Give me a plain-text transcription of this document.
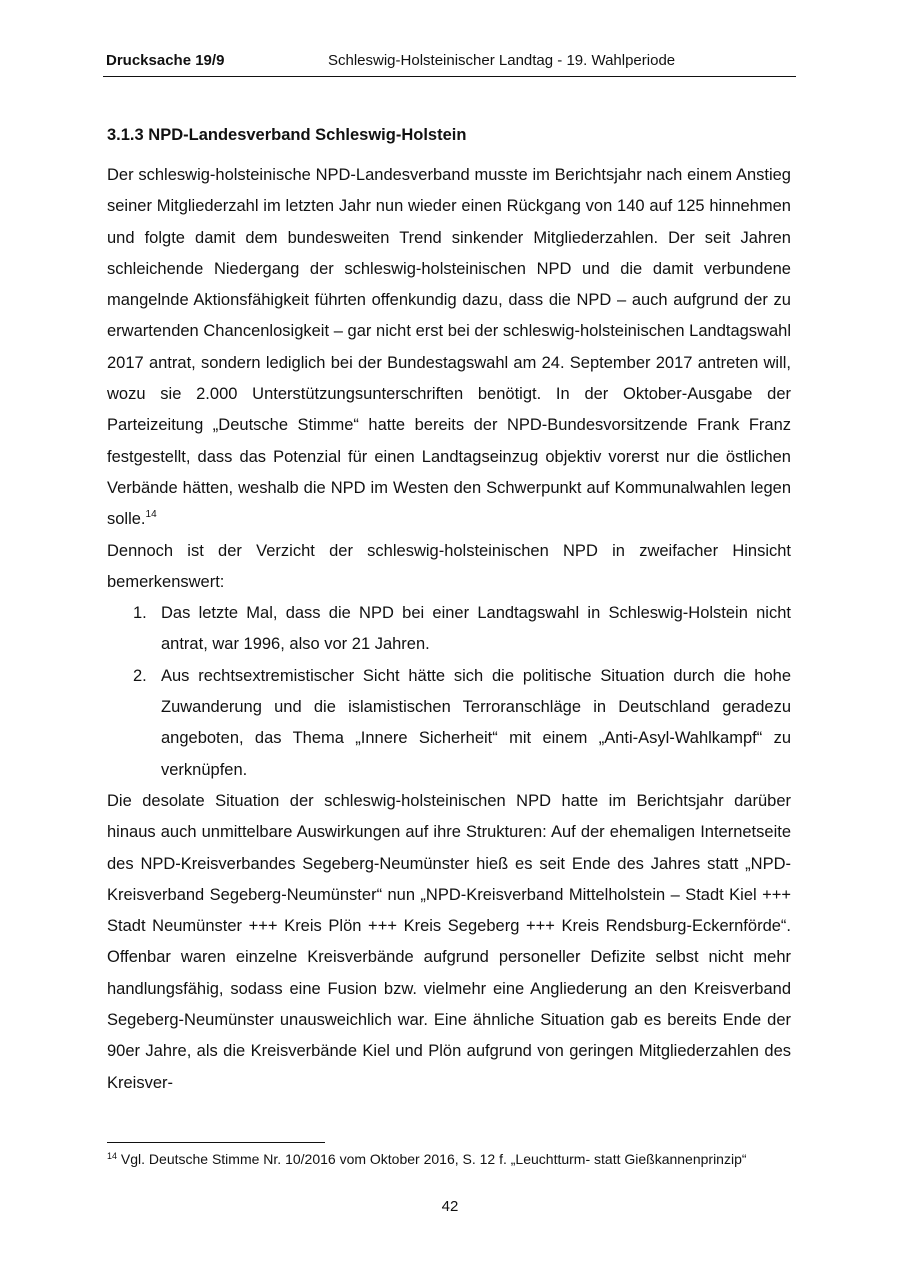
Drucksache 19/9	Schleswig-Holsteinischer Landtag - 19. Wahlperiode
3.1.3 NPD-Landesverband Schleswig-Holstein

Der schleswig-holsteinische NPD-Landesverband musste im Berichtsjahr nach einem Anstieg seiner Mitgliederzahl im letzten Jahr nun wieder einen Rückgang von 140 auf 125 hinnehmen und folgte damit dem bundesweiten Trend sinkender Mitgliederzahlen. Der seit Jahren schleichende Niedergang der schleswig-holsteinischen NPD und die damit verbundene mangelnde Aktionsfähigkeit führten offenkundig dazu, dass die NPD – auch aufgrund der zu erwartenden Chancenlosigkeit – gar nicht erst bei der schleswig-holsteinischen Landtagswahl 2017 antrat, sondern lediglich bei der Bundestagswahl am 24. September 2017 antreten will, wozu sie 2.000 Unterstützungsunterschriften benötigt. In der Oktober-Ausgabe der Parteizeitung „Deutsche Stimme“ hatte bereits der NPD-Bundesvorsitzende Frank Franz festgestellt, dass das Potenzial für einen Landtagseinzug objektiv vorerst nur die östlichen Verbände hätten, weshalb die NPD im Westen den Schwerpunkt auf Kommunalwahlen legen solle.$^{14}$

Dennoch ist der Verzicht der schleswig-holsteinischen NPD in zweifacher Hinsicht bemerkenswert:

1. Das letzte Mal, dass die NPD bei einer Landtagswahl in Schleswig-Holstein nicht antrat, war 1996, also vor 21 Jahren.
2. Aus rechtsextremistischer Sicht hätte sich die politische Situation durch die hohe Zuwanderung und die islamistischen Terroranschläge in Deutschland geradezu angeboten, das Thema „Innere Sicherheit“ mit einem „Anti-Asyl-Wahlkampf“ zu verknüpfen.

Die desolate Situation der schleswig-holsteinischen NPD hatte im Berichtsjahr darüber hinaus auch unmittelbare Auswirkungen auf ihre Strukturen: Auf der ehemaligen Internetseite des NPD-Kreisverbandes Segeberg-Neumünster hieß es seit Ende des Jahres statt „NPD-Kreisverband Segeberg-Neumünster“ nun „NPD-Kreisverband Mittelholstein – Stadt Kiel +++ Stadt Neumünster +++ Kreis Plön +++ Kreis Segeberg +++ Kreis Rendsburg-Eckernförde“. Offenbar waren einzelne Kreisverbände aufgrund personeller Defizite selbst nicht mehr handlungsfähig, sodass eine Fusion bzw. vielmehr eine Angliederung an den Kreisverband Segeberg-Neumünster unausweichlich war. Eine ähnliche Situation gab es bereits Ende der 90er Jahre, als die Kreisverbände Kiel und Plön aufgrund von geringen Mitgliederzahlen des Kreisver-

$^{14}$ Vgl. Deutsche Stimme Nr. 10/2016 vom Oktober 2016, S. 12 f. „Leuchtturm- statt Gießkannenprinzip“
42
